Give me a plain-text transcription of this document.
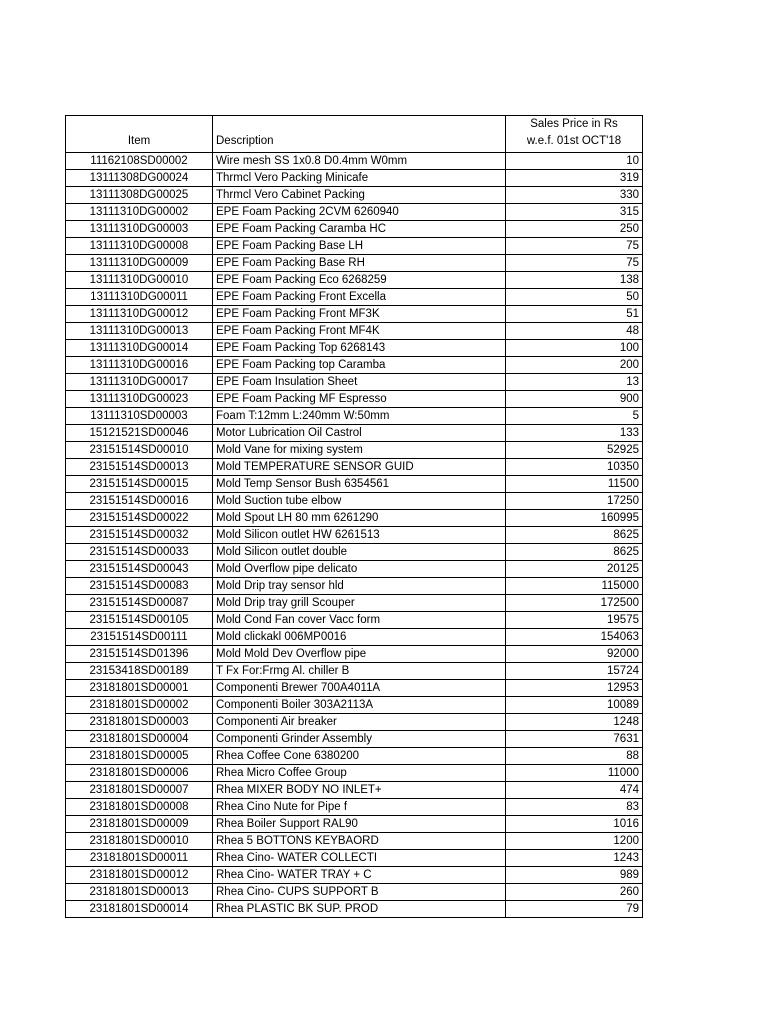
Item	Description	Sales Price in Rs
w.e.f. 01st OCT'18
11162108SD00002	Wire mesh SS 1x0.8 D0.4mm W0mm	10
13111308DG00024	Thrmcl Vero Packing Minicafe	319
13111308DG00025	Thrmcl Vero Cabinet Packing	330
13111310DG00002	EPE Foam Packing 2CVM 6260940	315
13111310DG00003	EPE Foam Packing Caramba HC	250
13111310DG00008	EPE Foam Packing Base LH	75
13111310DG00009	EPE Foam Packing Base RH	75
13111310DG00010	EPE Foam Packing Eco 6268259	138
13111310DG00011	EPE Foam Packing Front Excella	50
13111310DG00012	EPE Foam Packing Front MF3K	51
13111310DG00013	EPE Foam Packing Front MF4K	48
13111310DG00014	EPE Foam Packing Top 6268143	100
13111310DG00016	EPE Foam Packing top Caramba	200
13111310DG00017	EPE Foam Insulation Sheet	13
13111310DG00023	EPE Foam Packing MF Espresso	900
13111310SD00003	Foam T:12mm L:240mm W:50mm	5
15121521SD00046	Motor Lubrication Oil Castrol	133
23151514SD00010	Mold Vane for mixing system	52925
23151514SD00013	Mold TEMPERATURE SENSOR GUID	10350
23151514SD00015	Mold Temp Sensor Bush 6354561	11500
23151514SD00016	Mold Suction tube elbow	17250
23151514SD00022	Mold Spout LH 80 mm 6261290	160995
23151514SD00032	Mold Silicon outlet HW 6261513	8625
23151514SD00033	Mold Silicon outlet double	8625
23151514SD00043	Mold Overflow pipe delicato	20125
23151514SD00083	Mold Drip tray sensor hld	115000
23151514SD00087	Mold Drip tray grill Scouper	172500
23151514SD00105	Mold Cond Fan cover Vacc form	19575
23151514SD00111	Mold clickakl 006MP0016	154063
23151514SD01396	Mold Mold Dev Overflow pipe	92000
23153418SD00189	T Fx For:Frmg Al. chiller B	15724
23181801SD00001	Componenti Brewer 700A4011A	12953
23181801SD00002	Componenti Boiler 303A2113A	10089
23181801SD00003	Componenti Air breaker	1248
23181801SD00004	Componenti Grinder Assembly	7631
23181801SD00005	Rhea Coffee Cone 6380200	88
23181801SD00006	Rhea Micro Coffee Group	11000
23181801SD00007	Rhea MIXER BODY NO INLET+	474
23181801SD00008	Rhea Cino Nute for Pipe f	83
23181801SD00009	Rhea Boiler Support RAL90	1016
23181801SD00010	Rhea 5 BOTTONS KEYBAORD	1200
23181801SD00011	Rhea Cino- WATER COLLECTI	1243
23181801SD00012	Rhea Cino- WATER TRAY + C	989
23181801SD00013	Rhea Cino- CUPS SUPPORT B	260
23181801SD00014	Rhea PLASTIC BK SUP. PROD	79
